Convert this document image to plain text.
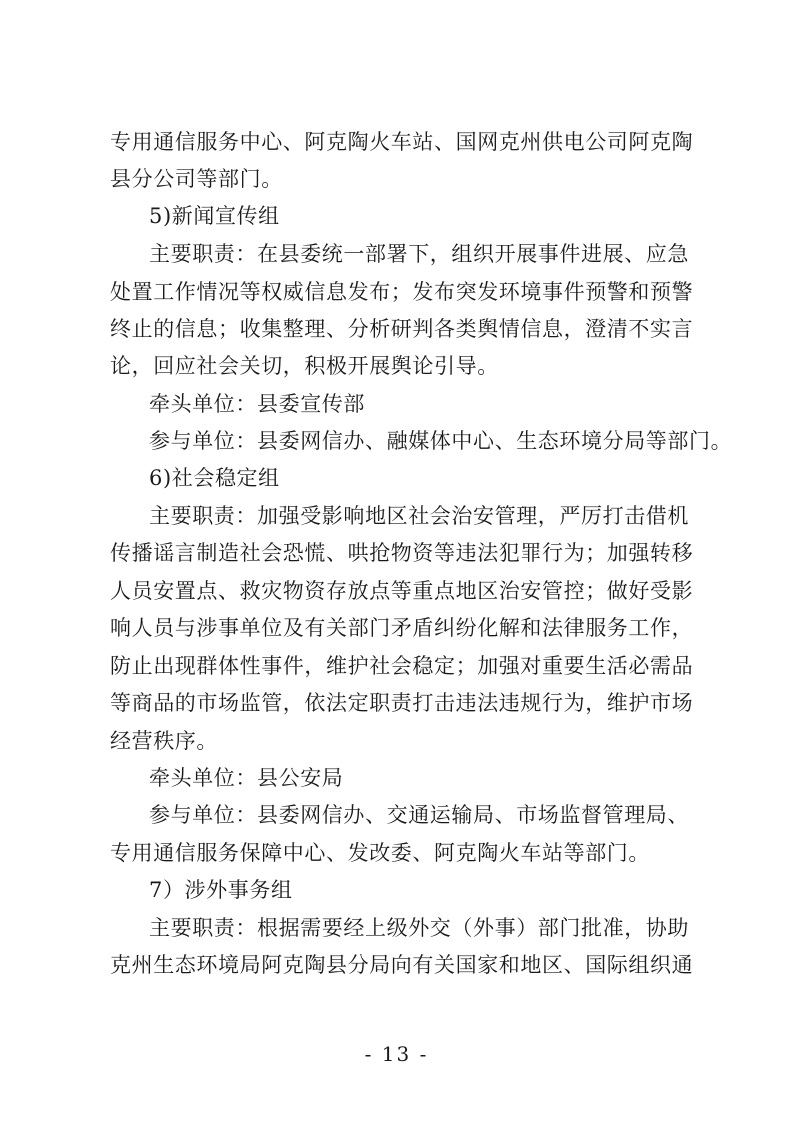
专用通信服务中心、阿克陶火车站、国网克州供电公司阿克陶
县分公司等部门。
5)新闻宣传组
主要职责：在县委统一部署下，组织开展事件进展、应急
处置工作情况等权威信息发布；发布突发环境事件预警和预警
终止的信息；收集整理、分析研判各类舆情信息，澄清不实言
论，回应社会关切，积极开展舆论引导。
牵头单位：县委宣传部
参与单位：县委网信办、融媒体中心、生态环境分局等部门。
6)社会稳定组
主要职责：加强受影响地区社会治安管理，严厉打击借机
传播谣言制造社会恐慌、哄抢物资等违法犯罪行为；加强转移
人员安置点、救灾物资存放点等重点地区治安管控；做好受影
响人员与涉事单位及有关部门矛盾纠纷化解和法律服务工作，
防止出现群体性事件，维护社会稳定；加强对重要生活必需品
等商品的市场监管，依法定职责打击违法违规行为，维护市场
经营秩序。
牵头单位：县公安局
参与单位：县委网信办、交通运输局、市场监督管理局、
专用通信服务保障中心、发改委、阿克陶火车站等部门。
7）涉外事务组
主要职责：根据需要经上级外交（外事）部门批准，协助
克州生态环境局阿克陶县分局向有关国家和地区、国际组织通
- 13 -
